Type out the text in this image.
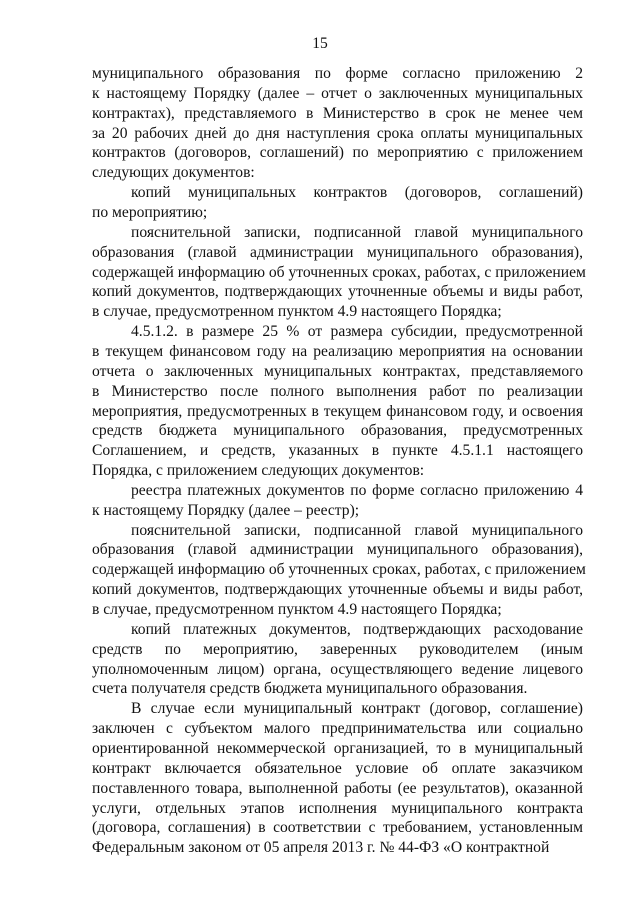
15
муниципального образования по форме согласно приложению 2
к настоящему Порядку (далее – отчет о заключенных муниципальных
контрактах), представляемого в Министерство в срок не менее чем
за 20 рабочих дней до дня наступления срока оплаты муниципальных
контрактов (договоров, соглашений) по мероприятию с приложением
следующих документов:
копий муниципальных контрактов (договоров, соглашений)
по мероприятию;
пояснительной записки, подписанной главой муниципального
образования (главой администрации муниципального образования),
содержащей информацию об уточненных сроках, работах, с приложением
копий документов, подтверждающих уточненные объемы и виды работ,
в случае, предусмотренном пунктом 4.9 настоящего Порядка;
4.5.1.2. в размере 25 % от размера субсидии, предусмотренной
в текущем финансовом году на реализацию мероприятия на основании
отчета о заключенных муниципальных контрактах, представляемого
в Министерство после полного выполнения работ по реализации
мероприятия, предусмотренных в текущем финансовом году, и освоения
средств бюджета муниципального образования, предусмотренных
Соглашением, и средств, указанных в пункте 4.5.1.1 настоящего
Порядка, с приложением следующих документов:
реестра платежных документов по форме согласно приложению 4
к настоящему Порядку (далее – реестр);
пояснительной записки, подписанной главой муниципального
образования (главой администрации муниципального образования),
содержащей информацию об уточненных сроках, работах, с приложением
копий документов, подтверждающих уточненные объемы и виды работ,
в случае, предусмотренном пунктом 4.9 настоящего Порядка;
копий платежных документов, подтверждающих расходование
средств по мероприятию, заверенных руководителем (иным
уполномоченным лицом) органа, осуществляющего ведение лицевого
счета получателя средств бюджета муниципального образования.
В случае если муниципальный контракт (договор, соглашение)
заключен с субъектом малого предпринимательства или социально
ориентированной некоммерческой организацией, то в муниципальный
контракт включается обязательное условие об оплате заказчиком
поставленного товара, выполненной работы (ее результатов), оказанной
услуги, отдельных этапов исполнения муниципального контракта
(договора, соглашения) в соответствии с требованием, установленным
Федеральным законом от 05 апреля 2013 г. № 44-ФЗ «О контрактной
